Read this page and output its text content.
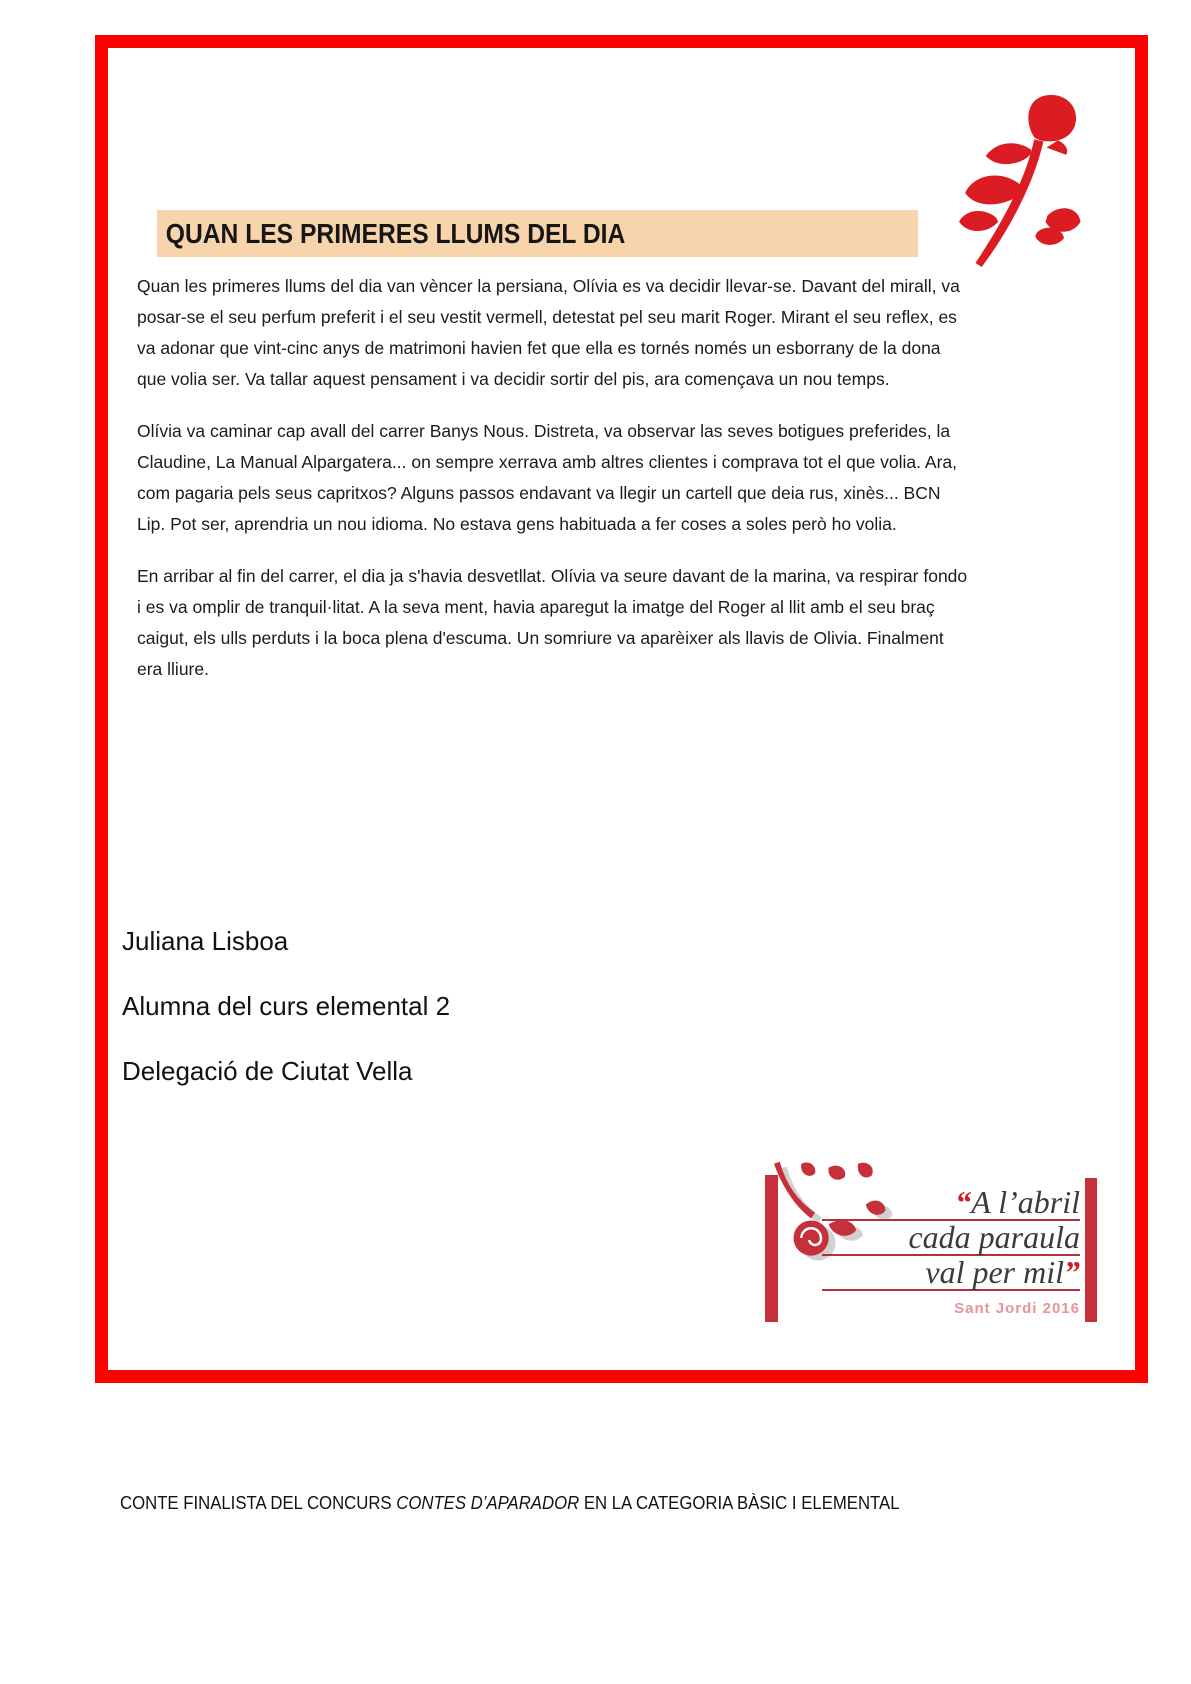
QUAN LES PRIMERES LLUMS DEL DIA

Quan les primeres llums del dia van vèncer la persiana, Olívia es va decidir llevar-se. Davant del mirall, va posar-se el seu perfum preferit i el seu vestit vermell, detestat pel seu marit Roger. Mirant el seu reflex, es va adonar que vint-cinc anys de matrimoni havien fet que ella es tornés només un esborrany de la dona que volia ser. Va tallar aquest pensament i va decidir sortir del pis, ara començava un nou temps.

Olívia va caminar cap avall del carrer Banys Nous. Distreta, va observar las seves botigues preferides, la Claudine, La Manual Alpargatera... on sempre xerrava amb altres clientes i comprava tot el que volia. Ara, com pagaria pels seus capritxos? Alguns passos endavant va llegir un cartell que deia rus, xinès... BCN Lip. Pot ser, aprendria un nou idioma. No estava gens habituada a fer coses a soles però ho volia.

En arribar al fin del carrer, el dia ja s'havia desvetllat. Olívia va seure davant de la marina, va respirar fondo i es va omplir de tranquil·litat. A la seva ment, havia aparegut la imatge del Roger al llit amb el seu braç caigut, els ulls perduts i la boca plena d'escuma. Un somriure va aparèixer als llavis de Olivia. Finalment era lliure.

Juliana Lisboa
Alumna del curs elemental 2
Delegació de Ciutat Vella
“A l’abril
cada paraula
val per mil”
Sant Jordi 2016
CONTE FINALISTA DEL CONCURS CONTES D’APARADOR EN LA CATEGORIA BÀSIC I ELEMENTAL
